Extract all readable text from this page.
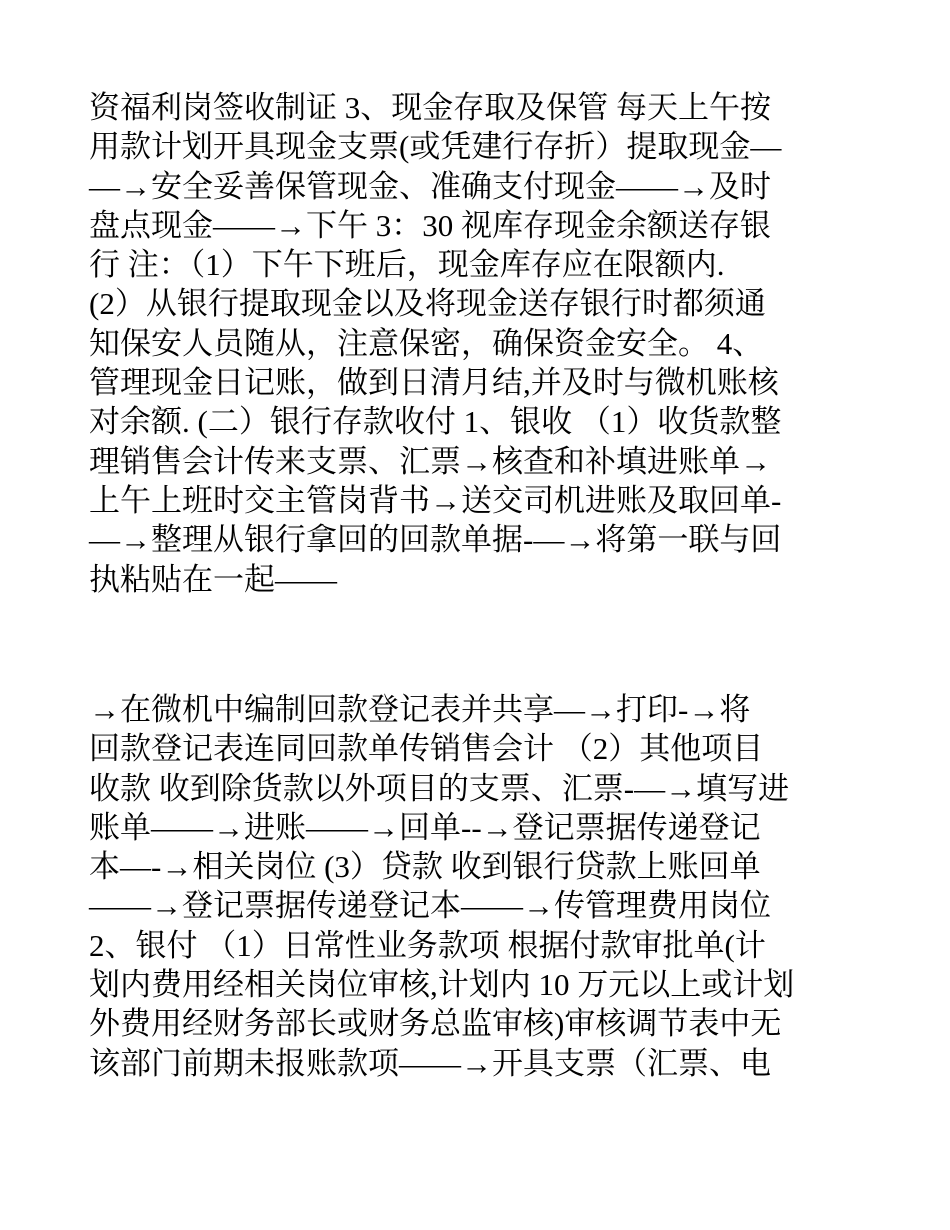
资福利岗签收制证 3、现金存取及保管 每天上午按
用款计划开具现金支票(或凭建行存折）提取现金—
—→安全妥善保管现金、准确支付现金——→及时
盘点现金——→下午 3：30 视库存现金余额送存银
行 注：（1）下午下班后，现金库存应在限额内.
(2）从银行提取现金以及将现金送存银行时都须通
知保安人员随从，注意保密，确保资金安全。 4、
管理现金日记账，做到日清月结,并及时与微机账核
对余额. (二）银行存款收付 1、银收 （1）收货款整
理销售会计传来支票、汇票→核查和补填进账单→
上午上班时交主管岗背书→送交司机进账及取回单-
—→整理从银行拿回的回款单据-—→将第一联与回
执粘贴在一起——
→在微机中编制回款登记表并共享—→打印-→将
回款登记表连同回款单传销售会计 （2）其他项目
收款 收到除货款以外项目的支票、汇票-—→填写进
账单——→进账——→回单--→登记票据传递登记
本—-→相关岗位 (3）贷款 收到银行贷款上账回单
——→登记票据传递登记本——→传管理费用岗位
2、银付 （1）日常性业务款项 根据付款审批单(计
划内费用经相关岗位审核,计划内 10 万元以上或计划
外费用经财务部长或财务总监审核)审核调节表中无
该部门前期未报账款项——→开具支票（汇票、电
